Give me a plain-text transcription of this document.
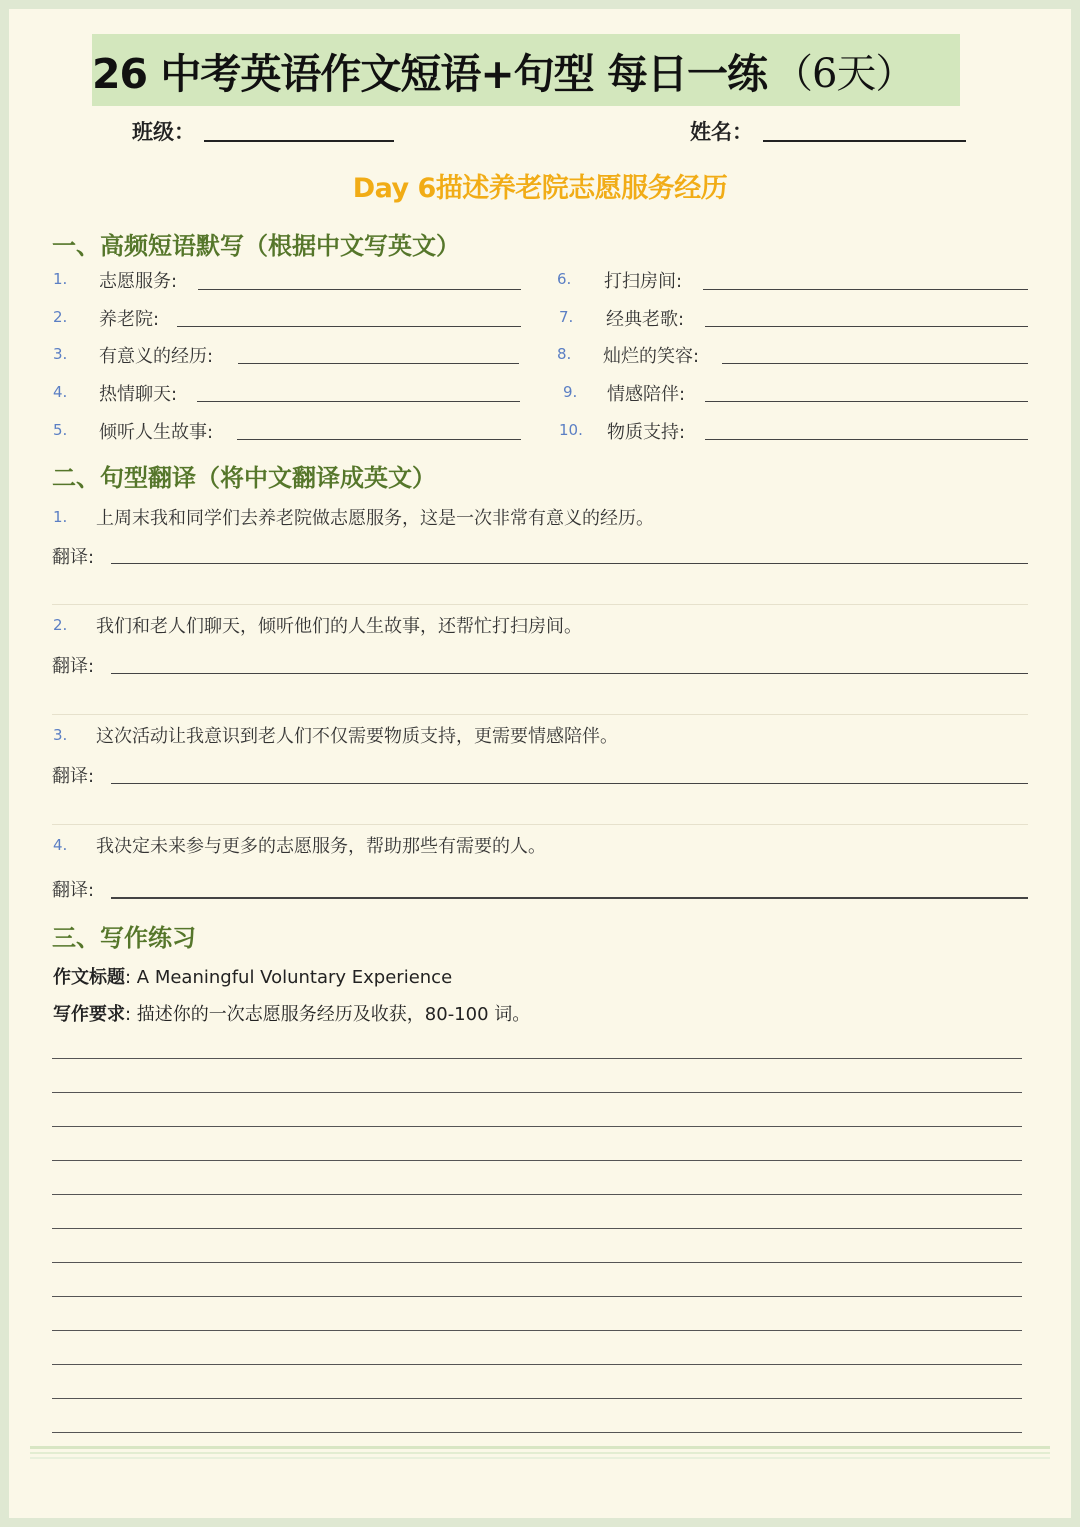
26 中考英语作文短语+句型 每日一练 （6天）
班级：	姓名：
Day 6描述养老院志愿服务经历
一、高频短语默写（根据中文写英文）
1. 志愿服务:
2. 养老院:
3. 有意义的经历:
4. 热情聊天:
5. 倾听人生故事:
6. 打扫房间:
7. 经典老歌:
8. 灿烂的笑容:
9. 情感陪伴:
10. 物质支持:
二、句型翻译（将中文翻译成英文）
1. 上周末我和同学们去养老院做志愿服务，这是一次非常有意义的经历。
翻译:
2. 我们和老人们聊天，倾听他们的人生故事，还帮忙打扫房间。
翻译:
3. 这次活动让我意识到老人们不仅需要物质支持，更需要情感陪伴。
翻译:
4. 我决定未来参与更多的志愿服务，帮助那些有需要的人。
翻译:
三、写作练习
作文标题: A Meaningful Voluntary Experience
写作要求: 描述你的一次志愿服务经历及收获，80-100 词。
